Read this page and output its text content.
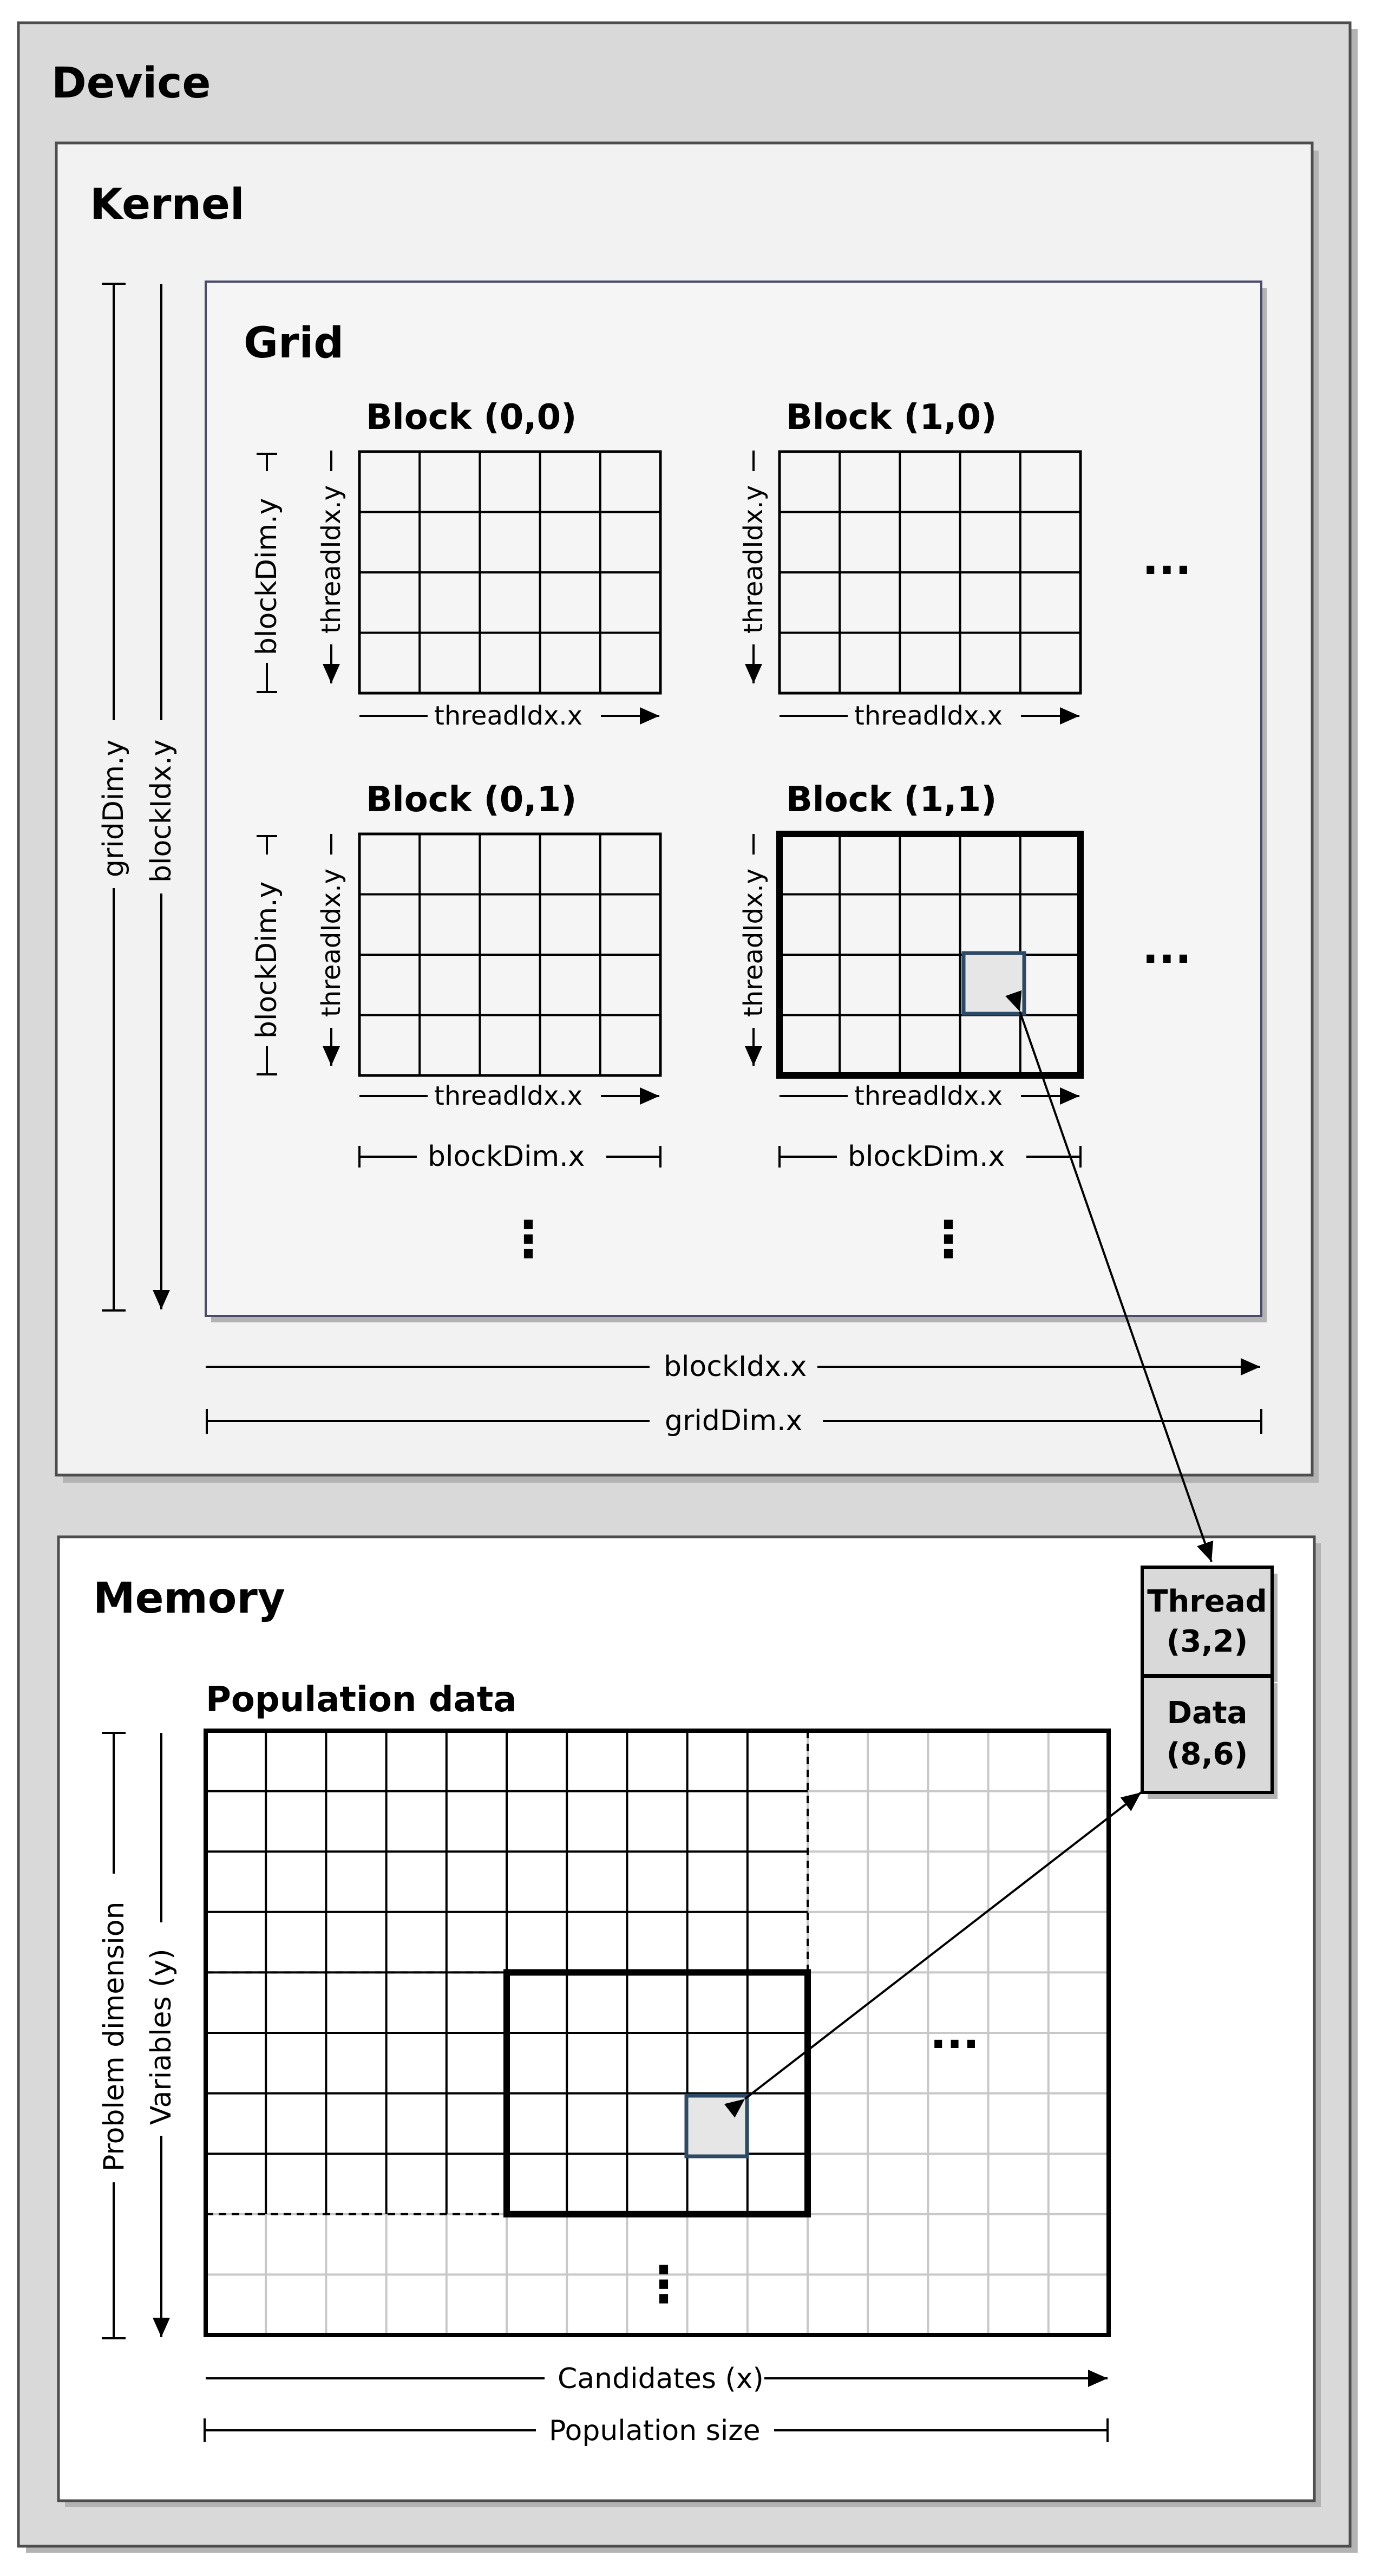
Device
Kernel
Grid
Block (0,0)	Block (1,0)
Block (0,1)	Block (1,1)
threadIdx.x	threadIdx.x
threadIdx.x	threadIdx.x
threadIdx.y	threadIdx.y
threadIdx.y	threadIdx.y
blockDim.y
blockDim.y
blockDim.x	blockDim.x
...
...
⋮	⋮
gridDim.y blockIdx.y
blockIdx.x
gridDim.x
Memory
Population data
...
⋮
Problem dimension Variables (y)
Candidates (x)
Population size
Thread
(3,2)
Data
(8,6)
